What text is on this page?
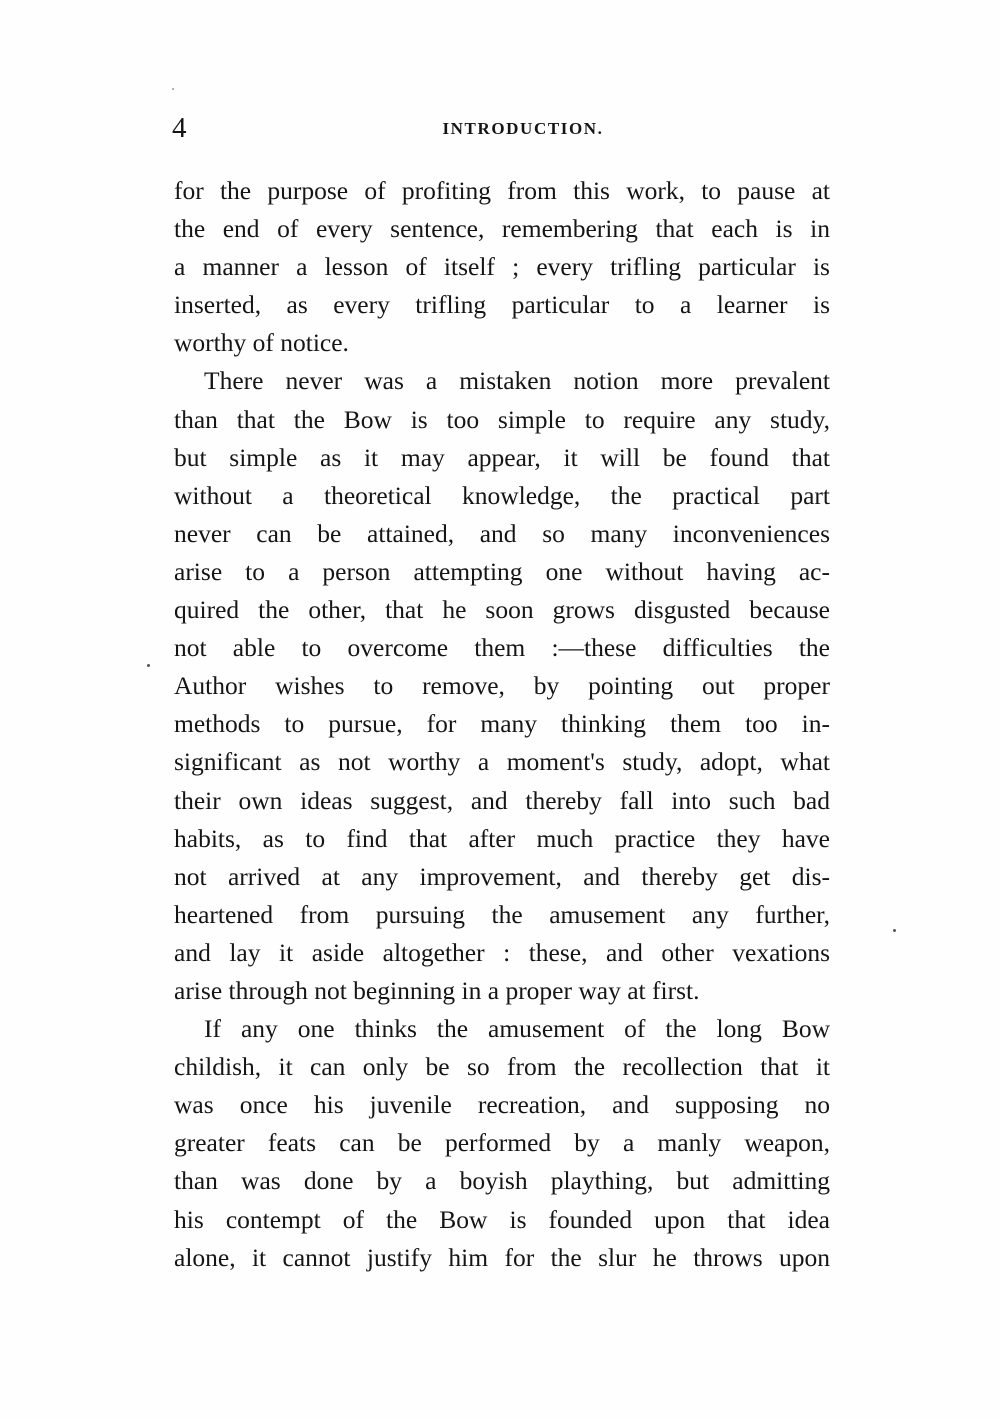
4	INTRODUCTION.
for the purpose of profiting from this work, to pause at
the end of every sentence, remembering that each is in
a manner a lesson of itself ; every trifling particular is
inserted, as every trifling particular to a learner is
worthy of notice.
There never was a mistaken notion more prevalent
than that the Bow is too simple to require any study,
but simple as it may appear, it will be found that
without a theoretical knowledge, the practical part
never can be attained, and so many inconveniences
arise to a person attempting one without having ac-
quired the other, that he soon grows disgusted because
not able to overcome them :—these difficulties the
Author wishes to remove, by pointing out proper
methods to pursue, for many thinking them too in-
significant as not worthy a moment's study, adopt, what
their own ideas suggest, and thereby fall into such bad
habits, as to find that after much practice they have
not arrived at any improvement, and thereby get dis-
heartened from pursuing the amusement any further,
and lay it aside altogether : these, and other vexations
arise through not beginning in a proper way at first.
If any one thinks the amusement of the long Bow
childish, it can only be so from the recollection that it
was once his juvenile recreation, and supposing no
greater feats can be performed by a manly weapon,
than was done by a boyish plaything, but admitting
his contempt of the Bow is founded upon that idea
alone, it cannot justify him for the slur he throws upon
